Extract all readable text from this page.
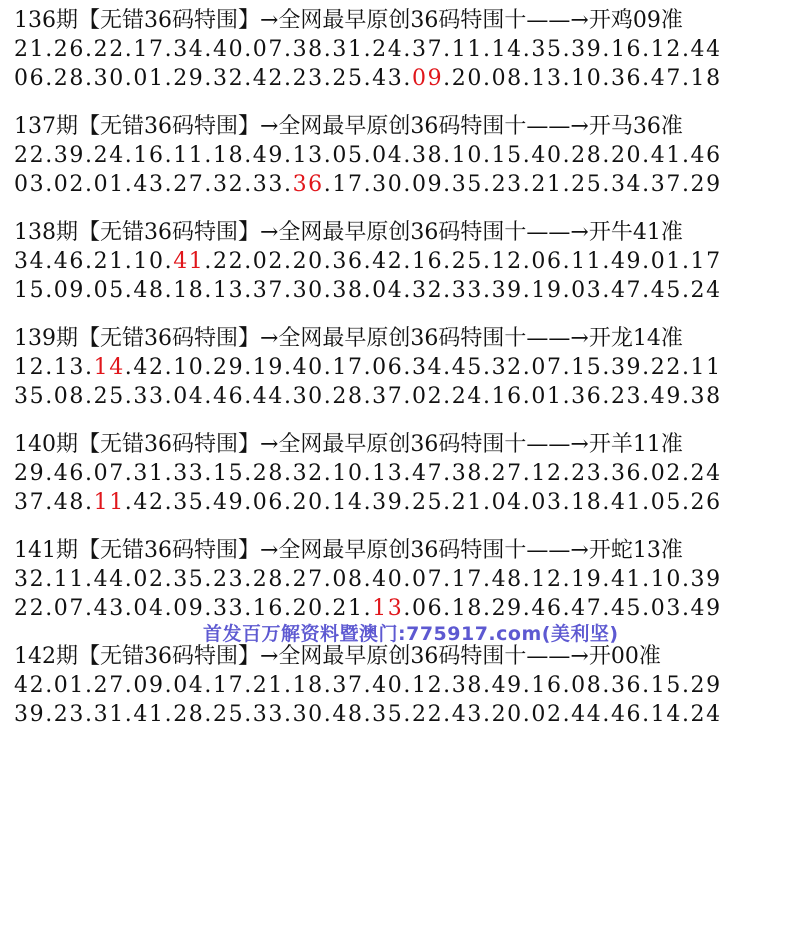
136期【无错36码特围】→全网最早原创36码特围十——→开鸡09准
21.26.22.17.34.40.07.38.31.24.37.11.14.35.39.16.12.44
06.28.30.01.29.32.42.23.25.43.09.20.08.13.10.36.47.18
137期【无错36码特围】→全网最早原创36码特围十——→开马36准
22.39.24.16.11.18.49.13.05.04.38.10.15.40.28.20.41.46
03.02.01.43.27.32.33.36.17.30.09.35.23.21.25.34.37.29
138期【无错36码特围】→全网最早原创36码特围十——→开牛41准
34.46.21.10.41.22.02.20.36.42.16.25.12.06.11.49.01.17
15.09.05.48.18.13.37.30.38.04.32.33.39.19.03.47.45.24
139期【无错36码特围】→全网最早原创36码特围十——→开龙14准
12.13.14.42.10.29.19.40.17.06.34.45.32.07.15.39.22.11
35.08.25.33.04.46.44.30.28.37.02.24.16.01.36.23.49.38
140期【无错36码特围】→全网最早原创36码特围十——→开羊11准
29.46.07.31.33.15.28.32.10.13.47.38.27.12.23.36.02.24
37.48.11.42.35.49.06.20.14.39.25.21.04.03.18.41.05.26
141期【无错36码特围】→全网最早原创36码特围十——→开蛇13准
32.11.44.02.35.23.28.27.08.40.07.17.48.12.19.41.10.39
22.07.43.04.09.33.16.20.21.13.06.18.29.46.47.45.03.49
142期【无错36码特围】→全网最早原创36码特围十——→开00准
42.01.27.09.04.17.21.18.37.40.12.38.49.16.08.36.15.29
39.23.31.41.28.25.33.30.48.35.22.43.20.02.44.46.14.24
首发百万解资料暨澳门:775917.com(美利坚)
